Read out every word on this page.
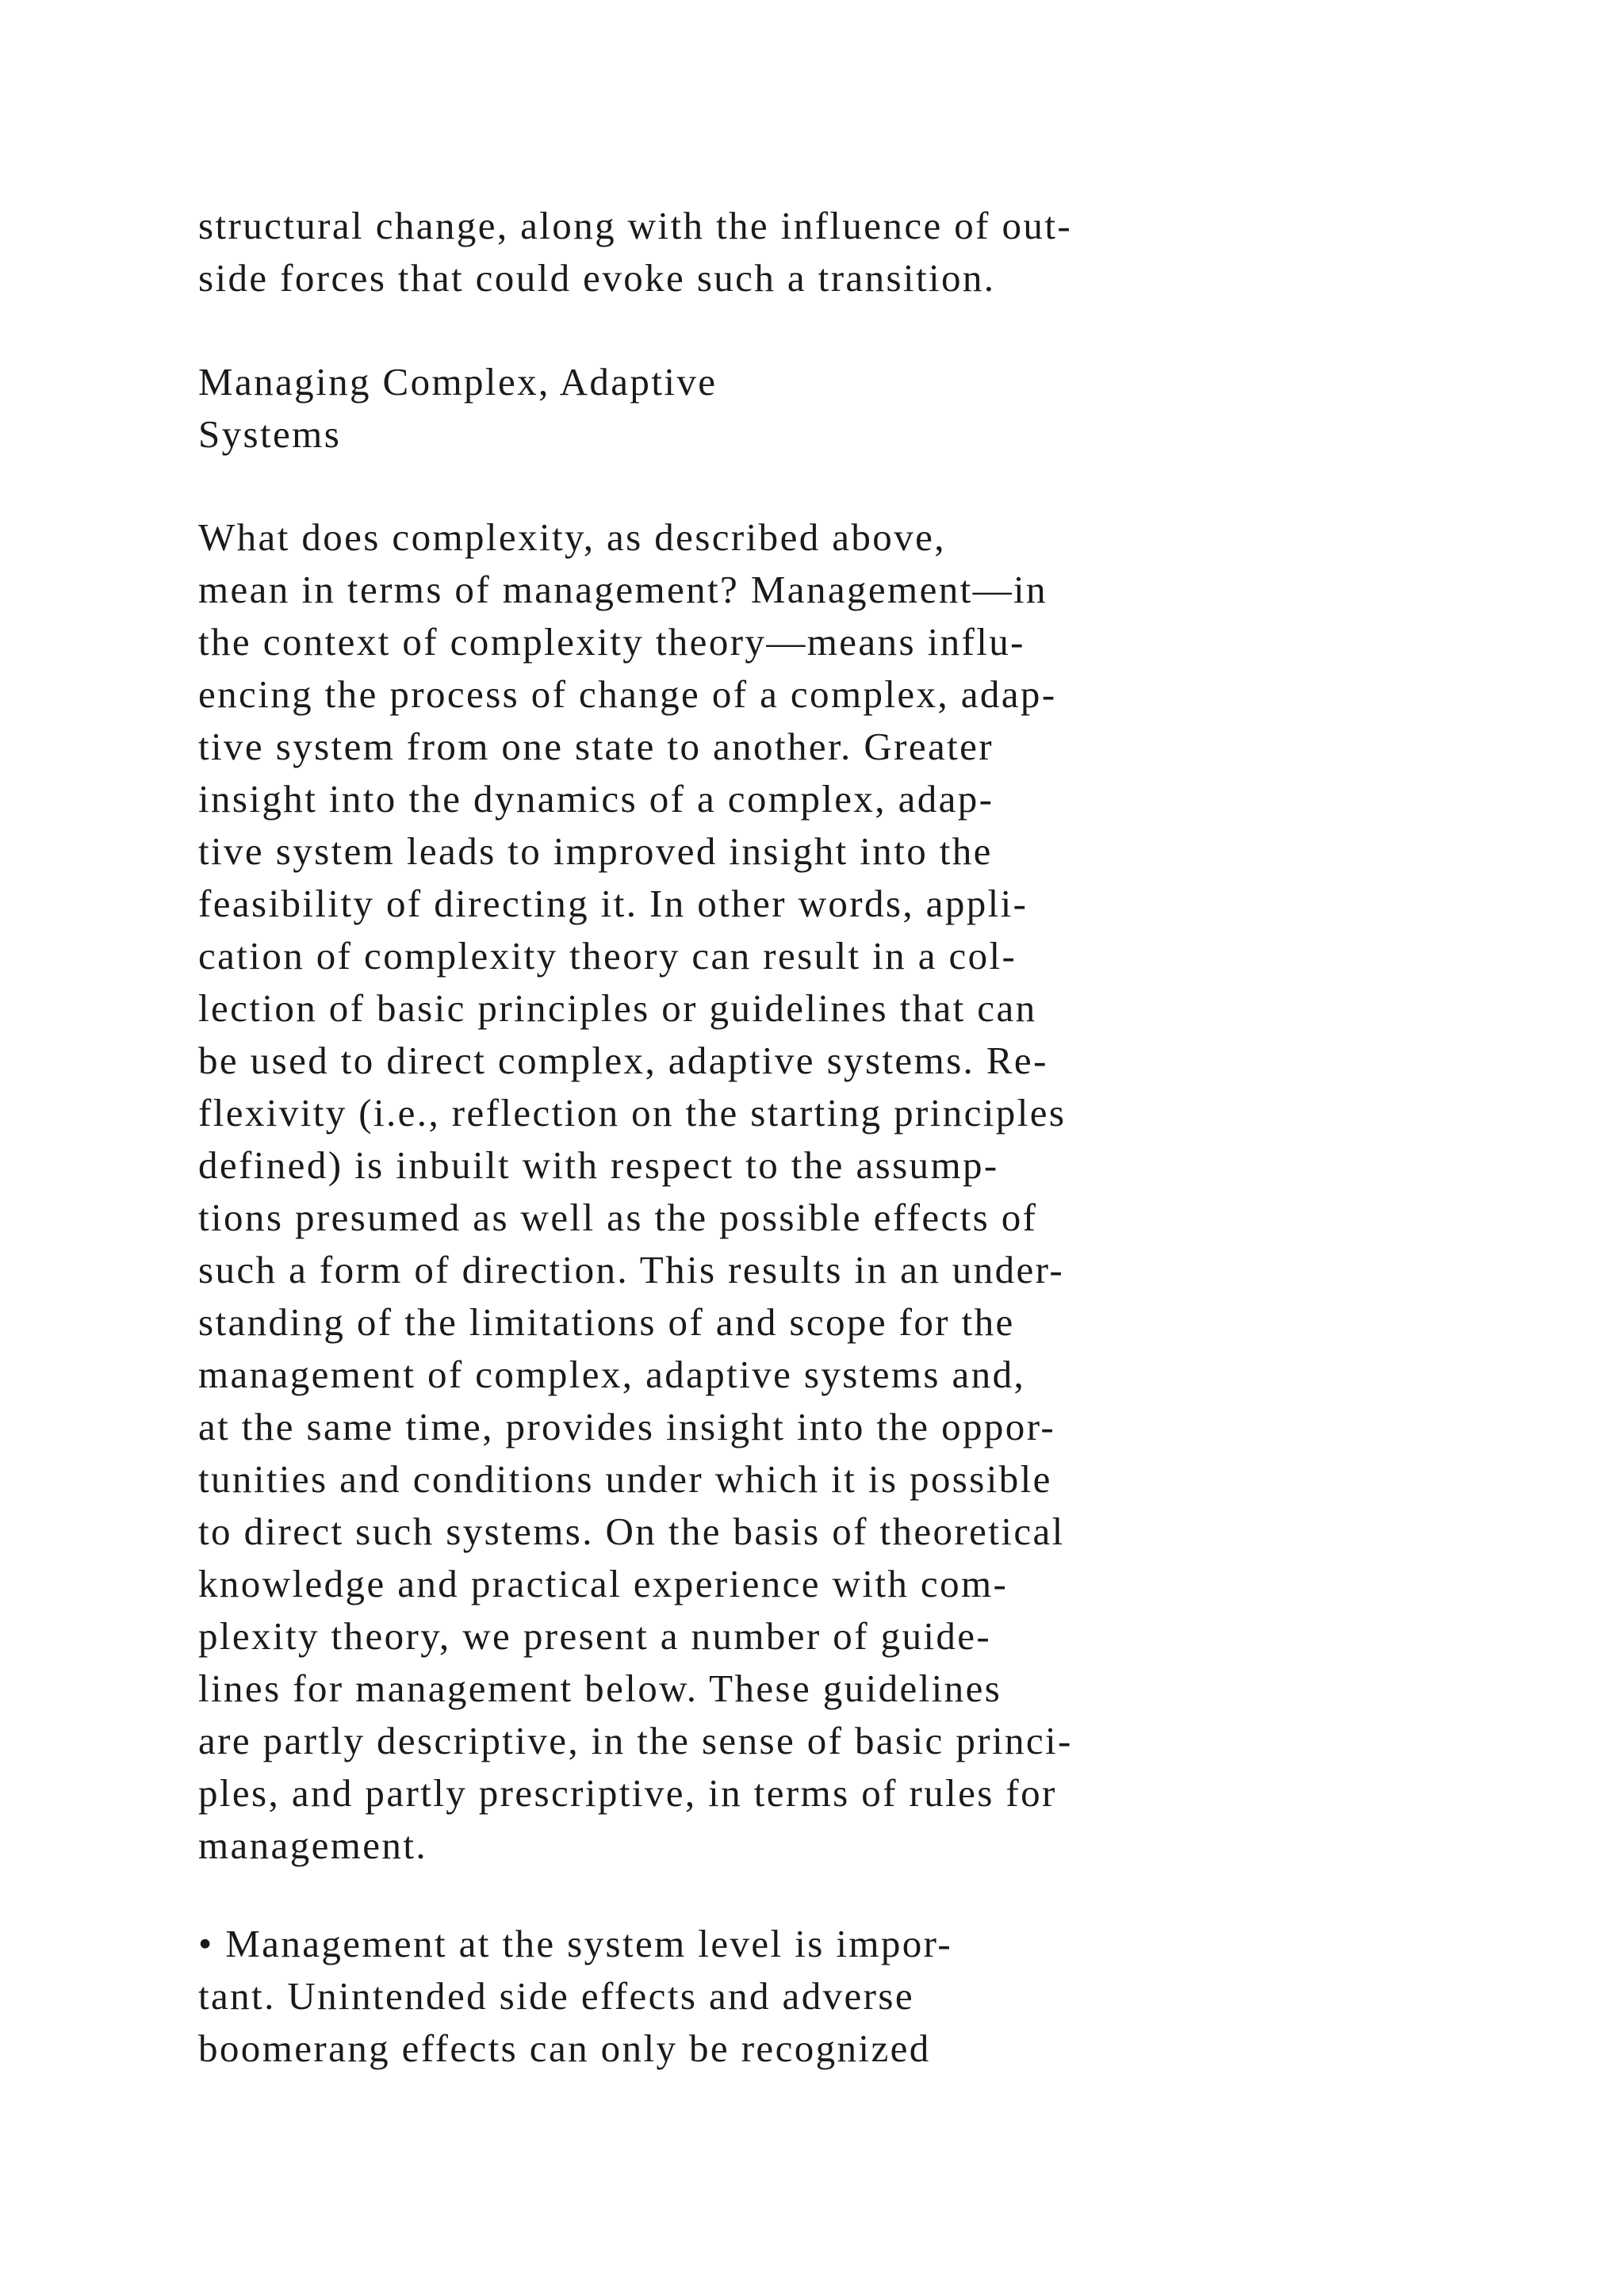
structural change, along with the influence of out-
side forces that could evoke such a transition.
Managing Complex, Adaptive
Systems
What does complexity, as described above,
mean in terms of management? Management—in
the context of complexity theory—means influ-
encing the process of change of a complex, adap-
tive system from one state to another. Greater
insight into the dynamics of a complex, adap-
tive system leads to improved insight into the
feasibility of directing it. In other words, appli-
cation of complexity theory can result in a col-
lection of basic principles or guidelines that can
be used to direct complex, adaptive systems. Re-
flexivity (i.e., reflection on the starting principles
defined) is inbuilt with respect to the assump-
tions presumed as well as the possible effects of
such a form of direction. This results in an under-
standing of the limitations of and scope for the
management of complex, adaptive systems and,
at the same time, provides insight into the oppor-
tunities and conditions under which it is possible
to direct such systems. On the basis of theoretical
knowledge and practical experience with com-
plexity theory, we present a number of guide-
lines for management below. These guidelines
are partly descriptive, in the sense of basic princi-
ples, and partly prescriptive, in terms of rules for
management.
• Management at the system level is impor-
tant. Unintended side effects and adverse
boomerang effects can only be recognized
